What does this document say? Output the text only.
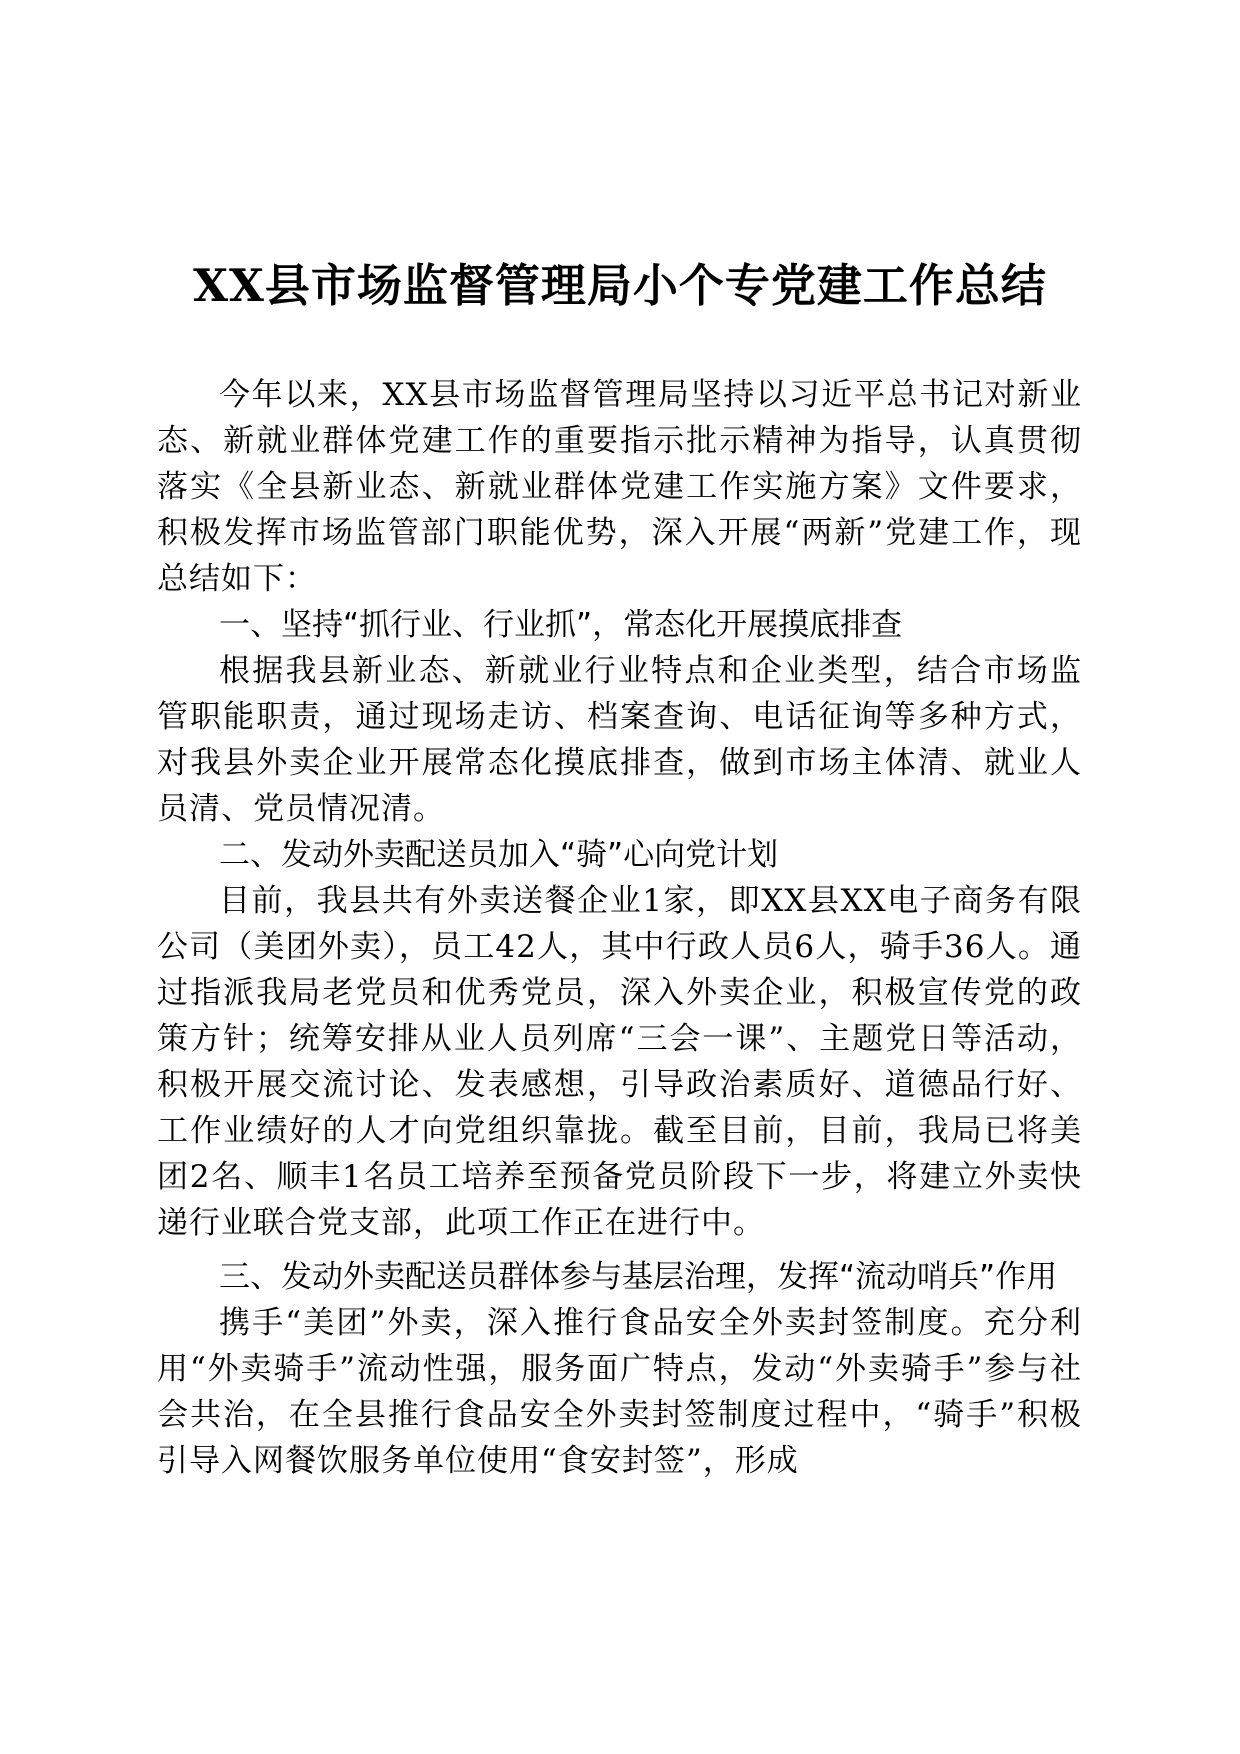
XX县市场监督管理局小个专党建工作总结

今年以来，XX县市场监督管理局坚持以习近平总书记对新业态、新就业群体党建工作的重要指示批示精神为指导，认真贯彻落实《全县新业态、新就业群体党建工作实施方案》文件要求，积极发挥市场监管部门职能优势，深入开展“两新”党建工作，现总结如下：

一、坚持“抓行业、行业抓”，常态化开展摸底排查

根据我县新业态、新就业行业特点和企业类型，结合市场监管职能职责，通过现场走访、档案查询、电话征询等多种方式，对我县外卖企业开展常态化摸底排查，做到市场主体清、就业人员清、党员情况清。

二、发动外卖配送员加入“骑”心向党计划

目前，我县共有外卖送餐企业1家，即XX县XX电子商务有限公司（美团外卖），员工42人，其中行政人员6人，骑手36人。通过指派我局老党员和优秀党员，深入外卖企业，积极宣传党的政策方针；统筹安排从业人员列席“三会一课”、主题党日等活动，积极开展交流讨论、发表感想，引导政治素质好、道德品行好、工作业绩好的人才向党组织靠拢。截至目前，目前，我局已将美团2名、顺丰1名员工培养至预备党员阶段下一步，将建立外卖快递行业联合党支部，此项工作正在进行中。

三、发动外卖配送员群体参与基层治理，发挥“流动哨兵”作用

携手“美团”外卖，深入推行食品安全外卖封签制度。充分利用“外卖骑手”流动性强，服务面广特点，发动“外卖骑手”参与社会共治，在全县推行食品安全外卖封签制度过程中，“骑手”积极引导入网餐饮服务单位使用“食安封签”，形成
